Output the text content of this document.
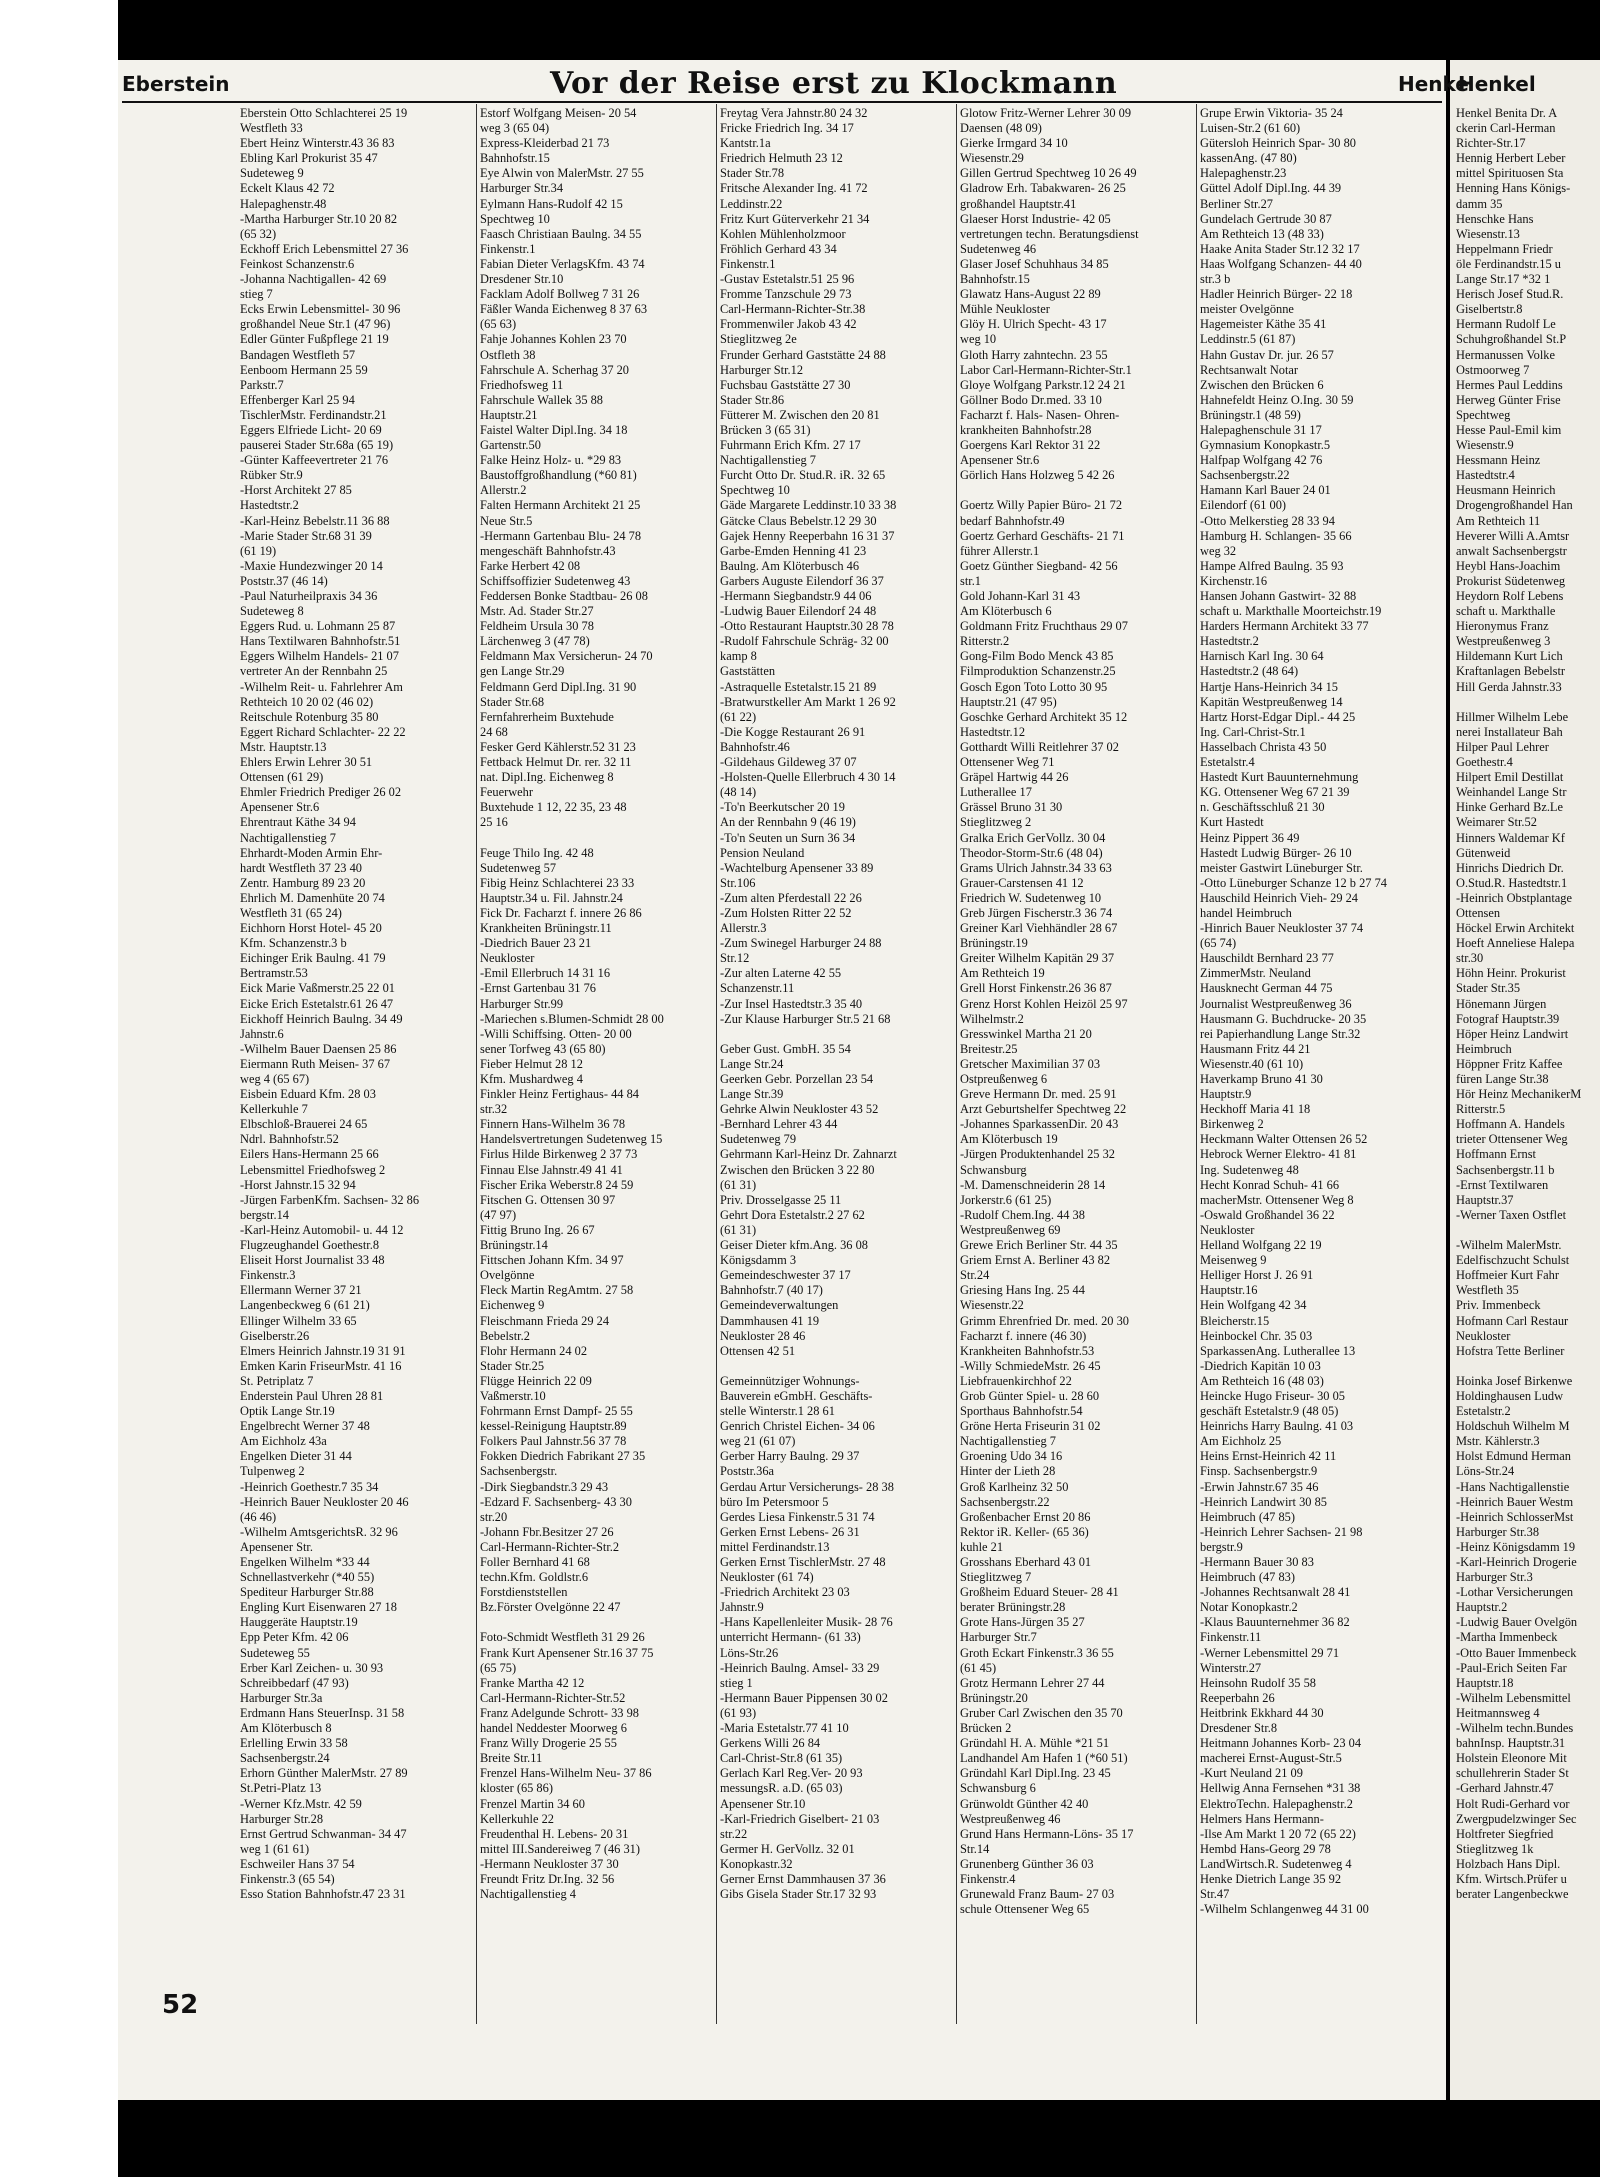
Eberstein	Vor der Reise erst zu Klockmann	Henke
Henkel
Eberstein Otto Schlachterei 25 19
Westfleth 33
Ebert Heinz Winterstr.43 36 83
Ebling Karl Prokurist 35 47
Sudeteweg 9
Eckelt Klaus 42 72
Halepaghenstr.48
-Martha Harburger Str.10 20 82
(65 32)
Eckhoff Erich Lebensmittel 27 36
Feinkost Schanzenstr.6
-Johanna Nachtigallen- 42 69
stieg 7
Ecks Erwin Lebensmittel- 30 96
großhandel Neue Str.1 (47 96)
Edler Günter Fußpflege 21 19
Bandagen Westfleth 57
Eenboom Hermann 25 59
Parkstr.7
Effenberger Karl 25 94
TischlerMstr. Ferdinandstr.21
Eggers Elfriede Licht- 20 69
pauserei Stader Str.68a (65 19)
-Günter Kaffeevertreter 21 76
Rübker Str.9
-Horst Architekt 27 85
Hastedtstr.2
-Karl-Heinz Bebelstr.11 36 88
-Marie Stader Str.68 31 39
(61 19)
-Maxie Hundezwinger 20 14
Poststr.37 (46 14)
-Paul Naturheilpraxis 34 36
Sudeteweg 8
Eggers Rud. u. Lohmann 25 87
Hans Textilwaren Bahnhofstr.51
Eggers Wilhelm Handels- 21 07
vertreter An der Rennbahn 25
-Wilhelm Reit- u. Fahrlehrer Am
Rethteich 10 20 02 (46 02)
Reitschule Rotenburg 35 80
Eggert Richard Schlachter- 22 22
Mstr. Hauptstr.13
Ehlers Erwin Lehrer 30 51
Ottensen (61 29)
Ehmler Friedrich Prediger 26 02
Apensener Str.6
Ehrentraut Käthe 34 94
Nachtigallenstieg 7
Ehrhardt-Moden Armin Ehr-
hardt Westfleth 37 23 40
Zentr. Hamburg 89 23 20
Ehrlich M. Damenhüte 20 74
Westfleth 31 (65 24)
Eichhorn Horst Hotel- 45 20
Kfm. Schanzenstr.3 b
Eichinger Erik Baulng. 41 79
Bertramstr.53
Eick Marie Vaßmerstr.25 22 01
Eicke Erich Estetalstr.61 26 47
Eickhoff Heinrich Baulng. 34 49
Jahnstr.6
-Wilhelm Bauer Daensen 25 86
Eiermann Ruth Meisen- 37 67
weg 4 (65 67)
Eisbein Eduard Kfm. 28 03
Kellerkuhle 7
Elbschloß-Brauerei 24 65
Ndrl. Bahnhofstr.52
Eilers Hans-Hermann 25 66
Lebensmittel Friedhofsweg 2
-Horst Jahnstr.15 32 94
-Jürgen FarbenKfm. Sachsen- 32 86
bergstr.14
-Karl-Heinz Automobil- u. 44 12
Flugzeughandel Goethestr.8
Eliseit Horst Journalist 33 48
Finkenstr.3
Ellermann Werner 37 21
Langenbeckweg 6 (61 21)
Ellinger Wilhelm 33 65
Giselberstr.26
Elmers Heinrich Jahnstr.19 31 91
Emken Karin FriseurMstr. 41 16
St. Petriplatz 7
Enderstein Paul Uhren 28 81
Optik Lange Str.19
Engelbrecht Werner 37 48
Am Eichholz 43a
Engelken Dieter 31 44
Tulpenweg 2
-Heinrich Goethestr.7 35 34
-Heinrich Bauer Neukloster 20 46
(46 46)
-Wilhelm AmtsgerichtsR. 32 96
Apensener Str.
Engelken Wilhelm *33 44
Schnellastverkehr (*40 55)
Spediteur Harburger Str.88
Engling Kurt Eisenwaren 27 18
Hauggeräte Hauptstr.19
Epp Peter Kfm. 42 06
Sudeteweg 55
Erber Karl Zeichen- u. 30 93
Schreibbedarf (47 93)
Harburger Str.3a
Erdmann Hans SteuerInsp. 31 58
Am Klöterbusch 8
Erlelling Erwin 33 58
Sachsenbergstr.24
Erhorn Günther MalerMstr. 27 89
St.Petri-Platz 13
-Werner Kfz.Mstr. 42 59
Harburger Str.28
Ernst Gertrud Schwanman- 34 47
weg 1 (61 61)
Eschweiler Hans 37 54
Finkenstr.3 (65 54)
Esso Station Bahnhofstr.47 23 31
Estorf Wolfgang Meisen- 20 54
weg 3 (65 04)
Express-Kleiderbad 21 73
Bahnhofstr.15
Eye Alwin von MalerMstr. 27 55
Harburger Str.34
Eylmann Hans-Rudolf 42 15
Spechtweg 10
Faasch Christiaan Baulng. 34 55
Finkenstr.1
Fabian Dieter VerlagsKfm. 43 74
Dresdener Str.10
Facklam Adolf Bollweg 7 31 26
Fäßler Wanda Eichenweg 8 37 63
(65 63)
Fahje Johannes Kohlen 23 70
Ostfleth 38
Fahrschule A. Scherhag 37 20
Friedhofsweg 11
Fahrschule Wallek 35 88
Hauptstr.21
Faistel Walter Dipl.Ing. 34 18
Gartenstr.50
Falke Heinz Holz- u. *29 83
Baustoffgroßhandlung (*60 81)
Allerstr.2
Falten Hermann Architekt 21 25
Neue Str.5
-Hermann Gartenbau Blu- 24 78
mengeschäft Bahnhofstr.43
Farke Herbert 42 08
Schiffsoffizier Sudetenweg 43
Feddersen Bonke Stadtbau- 26 08
Mstr. Ad. Stader Str.27
Feldheim Ursula 30 78
Lärchenweg 3 (47 78)
Feldmann Max Versicherun- 24 70
gen Lange Str.29
Feldmann Gerd Dipl.Ing. 31 90
Stader Str.68
Fernfahrerheim Buxtehude
24 68
Fesker Gerd Kählerstr.52 31 23
Fettback Helmut Dr. rer. 32 11
nat. Dipl.Ing. Eichenweg 8
Feuerwehr
Buxtehude 1 12, 22 35, 23 48
25 16

Feuge Thilo Ing. 42 48
Sudetenweg 57
Fibig Heinz Schlachterei 23 33
Hauptstr.34 u. Fil. Jahnstr.24
Fick Dr. Facharzt f. innere 26 86
Krankheiten Brüningstr.11
-Diedrich Bauer 23 21
Neukloster
-Emil Ellerbruch 14 31 16
-Ernst Gartenbau 31 76
Harburger Str.99
-Mariechen s.Blumen-Schmidt 28 00
-Willi Schiffsing. Otten- 20 00
sener Torfweg 43 (65 80)
Fieber Helmut 28 12
Kfm. Mushardweg 4
Finkler Heinz Fertighaus- 44 84
str.32
Finnern Hans-Wilhelm 36 78
Handelsvertretungen Sudetenweg 15
Firlus Hilde Birkenweg 2 37 73
Finnau Else Jahnstr.49 41 41
Fischer Erika Weberstr.8 24 59
Fitschen G. Ottensen 30 97
(47 97)
Fittig Bruno Ing. 26 67
Brüningstr.14
Fittschen Johann Kfm. 34 97
Ovelgönne
Fleck Martin RegAmtm. 27 58
Eichenweg 9
Fleischmann Frieda 29 24
Bebelstr.2
Flohr Hermann 24 02
Stader Str.25
Flügge Heinrich 22 09
Vaßmerstr.10
Fohrmann Ernst Dampf- 25 55
kessel-Reinigung Hauptstr.89
Folkers Paul Jahnstr.56 37 78
Fokken Diedrich Fabrikant 27 35
Sachsenbergstr.
-Dirk Siegbandstr.3 29 43
-Edzard F. Sachsenberg- 43 30
str.20
-Johann Fbr.Besitzer 27 26
Carl-Hermann-Richter-Str.2
Foller Bernhard 41 68
techn.Kfm. Goldlstr.6
Forstdienststellen
Bz.Förster Ovelgönne 22 47

Foto-Schmidt Westfleth 31 29 26
Frank Kurt Apensener Str.16 37 75
(65 75)
Franke Martha 42 12
Carl-Hermann-Richter-Str.52
Franz Adelgunde Schrott- 33 98
handel Neddester Moorweg 6
Franz Willy Drogerie 25 55
Breite Str.11
Frenzel Hans-Wilhelm Neu- 37 86
kloster (65 86)
Frenzel Martin 34 60
Kellerkuhle 22
Freudenthal H. Lebens- 20 31
mittel III.Sandereiweg 7 (46 31)
-Hermann Neukloster 37 30
Freundt Fritz Dr.Ing. 32 56
Nachtigallenstieg 4
Freytag Vera Jahnstr.80 24 32
Fricke Friedrich Ing. 34 17
Kantstr.1a
Friedrich Helmuth 23 12
Stader Str.78
Fritsche Alexander Ing. 41 72
Leddinstr.22
Fritz Kurt Güterverkehr 21 34
Kohlen Mühlenholzmoor
Fröhlich Gerhard 43 34
Finkenstr.1
-Gustav Estetalstr.51 25 96
Fromme Tanzschule 29 73
Carl-Hermann-Richter-Str.38
Frommenwiler Jakob 43 42
Stieglitzweg 2e
Frunder Gerhard Gaststätte 24 88
Harburger Str.12
Fuchsbau Gaststätte 27 30
Stader Str.86
Fütterer M. Zwischen den 20 81
Brücken 3 (65 31)
Fuhrmann Erich Kfm. 27 17
Nachtigallenstieg 7
Furcht Otto Dr. Stud.R. iR. 32 65
Spechtweg 10
Gäde Margarete Leddinstr.10 33 38
Gätcke Claus Bebelstr.12 29 30
Gajek Henny Reeperbahn 16 31 37
Garbe-Emden Henning 41 23
Baulng. Am Klöterbusch 46
Garbers Auguste Eilendorf 36 37
-Hermann Siegbandstr.9 44 06
-Ludwig Bauer Eilendorf 24 48
-Otto Restaurant Hauptstr.30 28 78
-Rudolf Fahrschule Schräg- 32 00
kamp 8
Gaststätten
-Astraquelle Estetalstr.15 21 89
-Bratwurstkeller Am Markt 1 26 92
(61 22)
-Die Kogge Restaurant 26 91
Bahnhofstr.46
-Gildehaus Gildeweg 37 07
-Holsten-Quelle Ellerbruch 4 30 14
(48 14)
-To'n Beerkutscher 20 19
An der Rennbahn 9 (46 19)
-To'n Seuten un Surn 36 34
Pension Neuland
-Wachtelburg Apensener 33 89
Str.106
-Zum alten Pferdestall 22 26
-Zum Holsten Ritter 22 52
Allerstr.3
-Zum Swinegel Harburger 24 88
Str.12
-Zur alten Laterne 42 55
Schanzenstr.11
-Zur Insel Hastedtstr.3 35 40
-Zur Klause Harburger Str.5 21 68

Geber Gust. GmbH. 35 54
Lange Str.24
Geerken Gebr. Porzellan 23 54
Lange Str.39
Gehrke Alwin Neukloster 43 52
-Bernhard Lehrer 43 44
Sudetenweg 79
Gehrmann Karl-Heinz Dr. Zahnarzt
Zwischen den Brücken 3 22 80
(61 31)
Priv. Drosselgasse 25 11
Gehrt Dora Estetalstr.2 27 62
(61 31)
Geiser Dieter kfm.Ang. 36 08
Königsdamm 3
Gemeindeschwester 37 17
Bahnhofstr.7 (40 17)
Gemeindeverwaltungen
Dammhausen 41 19
Neukloster 28 46
Ottensen 42 51

Gemeinnütziger Wohnungs-
Bauverein eGmbH. Geschäfts-
stelle Winterstr.1 28 61
Genrich Christel Eichen- 34 06
weg 21 (61 07)
Gerber Harry Baulng. 29 37
Poststr.36a
Gerdau Artur Versicherungs- 28 38
büro Im Petersmoor 5
Gerdes Liesa Finkenstr.5 31 74
Gerken Ernst Lebens- 26 31
mittel Ferdinandstr.13
Gerken Ernst TischlerMstr. 27 48
Neukloster (61 74)
-Friedrich Architekt 23 03
Jahnstr.9
-Hans Kapellenleiter Musik- 28 76
unterricht Hermann- (61 33)
Löns-Str.26
-Heinrich Baulng. Amsel- 33 29
stieg 1
-Hermann Bauer Pippensen 30 02
(61 93)
-Maria Estetalstr.77 41 10
Gerkens Willi 26 84
Carl-Christ-Str.8 (61 35)
Gerlach Karl Reg.Ver- 20 93
messungsR. a.D. (65 03)
Apensener Str.10
-Karl-Friedrich Giselbert- 21 03
str.22
Germer H. GerVollz. 32 01
Konopkastr.32
Gerner Ernst Dammhausen 37 36
Gibs Gisela Stader Str.17 32 93
Glotow Fritz-Werner Lehrer 30 09
Daensen (48 09)
Gierke Irmgard 34 10
Wiesenstr.29
Gillen Gertrud Spechtweg 10 26 49
Gladrow Erh. Tabakwaren- 26 25
großhandel Hauptstr.41
Glaeser Horst Industrie- 42 05
vertretungen techn. Beratungsdienst
Sudetenweg 46
Glaser Josef Schuhhaus 34 85
Bahnhofstr.15
Glawatz Hans-August 22 89
Mühle Neukloster
Glöy H. Ulrich Specht- 43 17
weg 10
Gloth Harry zahntechn. 23 55
Labor Carl-Hermann-Richter-Str.1
Gloye Wolfgang Parkstr.12 24 21
Göllner Bodo Dr.med. 33 10
Facharzt f. Hals- Nasen- Ohren-
krankheiten Bahnhofstr.28
Goergens Karl Rektor 31 22
Apensener Str.6
Görlich Hans Holzweg 5 42 26

Goertz Willy Papier Büro- 21 72
bedarf Bahnhofstr.49
Goertz Gerhard Geschäfts- 21 71
führer Allerstr.1
Goetz Günther Siegband- 42 56
str.1
Gold Johann-Karl 31 43
Am Klöterbusch 6
Goldmann Fritz Fruchthaus 29 07
Ritterstr.2
Gong-Film Bodo Menck 43 85
Filmproduktion Schanzenstr.25
Gosch Egon Toto Lotto 30 95
Hauptstr.21 (47 95)
Goschke Gerhard Architekt 35 12
Hastedtstr.12
Gotthardt Willi Reitlehrer 37 02
Ottensener Weg 71
Gräpel Hartwig 44 26
Lutherallee 17
Grässel Bruno 31 30
Stieglitzweg 2
Gralka Erich GerVollz. 30 04
Theodor-Storm-Str.6 (48 04)
Grams Ulrich Jahnstr.34 33 63
Grauer-Carstensen 41 12
Friedrich W. Sudetenweg 10
Greb Jürgen Fischerstr.3 36 74
Greiner Karl Viehhändler 28 67
Brüningstr.19
Greiter Wilhelm Kapitän 29 37
Am Rethteich 19
Grell Horst Finkenstr.26 36 87
Grenz Horst Kohlen Heizöl 25 97
Wilhelmstr.2
Gresswinkel Martha 21 20
Breitestr.25
Gretscher Maximilian 37 03
Ostpreußenweg 6
Greve Hermann Dr. med. 25 91
Arzt Geburtshelfer Spechtweg 22
-Johannes SparkassenDir. 20 43
Am Klöterbusch 19
-Jürgen Produktenhandel 25 32
Schwansburg
-M. Damenschneiderin 28 14
Jorkerstr.6 (61 25)
-Rudolf Chem.Ing. 44 38
Westpreußenweg 69
Grewe Erich Berliner Str. 44 35
Griem Ernst A. Berliner 43 82
Str.24
Griesing Hans Ing. 25 44
Wiesenstr.22
Grimm Ehrenfried Dr. med. 20 30
Facharzt f. innere (46 30)
Krankheiten Bahnhofstr.53
-Willy SchmiedeMstr. 26 45
Liebfrauenkirchhof 22
Grob Günter Spiel- u. 28 60
Sporthaus Bahnhofstr.54
Gröne Herta Friseurin 31 02
Nachtigallenstieg 7
Groening Udo 34 16
Hinter der Lieth 28
Groß Karlheinz 32 50
Sachsenbergstr.22
Großenbacher Ernst 20 86
Rektor iR. Keller- (65 36)
kuhle 21
Grosshans Eberhard 43 01
Stieglitzweg 7
Großheim Eduard Steuer- 28 41
berater Brüningstr.28
Grote Hans-Jürgen 35 27
Harburger Str.7
Groth Eckart Finkenstr.3 36 55
(61 45)
Grotz Hermann Lehrer 27 44
Brüningstr.20
Gruber Carl Zwischen den 35 70
Brücken 2
Gründahl H. A. Mühle *21 51
Landhandel Am Hafen 1 (*60 51)
Gründahl Karl Dipl.Ing. 23 45
Schwansburg 6
Grünwoldt Günther 42 40
Westpreußenweg 46
Grund Hans Hermann-Löns- 35 17
Str.14
Grunenberg Günther 36 03
Finkenstr.4
Grunewald Franz Baum- 27 03
schule Ottensener Weg 65
Grupe Erwin Viktoria- 35 24
Luisen-Str.2 (61 60)
Gütersloh Heinrich Spar- 30 80
kassenAng. (47 80)
Halepaghenstr.23
Güttel Adolf Dipl.Ing. 44 39
Berliner Str.27
Gundelach Gertrude 30 87
Am Rethteich 13 (48 33)
Haake Anita Stader Str.12 32 17
Haas Wolfgang Schanzen- 44 40
str.3 b
Hadler Heinrich Bürger- 22 18
meister Ovelgönne
Hagemeister Käthe 35 41
Leddinstr.5 (61 87)
Hahn Gustav Dr. jur. 26 57
Rechtsanwalt Notar
Zwischen den Brücken 6
Hahnefeldt Heinz O.Ing. 30 59
Brüningstr.1 (48 59)
Halepaghenschule 31 17
Gymnasium Konopkastr.5
Halfpap Wolfgang 42 76
Sachsenbergstr.22
Hamann Karl Bauer 24 01
Eilendorf (61 00)
-Otto Melkerstieg 28 33 94
Hamburg H. Schlangen- 35 66
weg 32
Hampe Alfred Baulng. 35 93
Kirchenstr.16
Hansen Johann Gastwirt- 32 88
schaft u. Markthalle Moorteichstr.19
Harders Hermann Architekt 33 77
Hastedtstr.2
Harnisch Karl Ing. 30 64
Hastedtstr.2 (48 64)
Hartje Hans-Heinrich 34 15
Kapitän Westpreußenweg 14
Hartz Horst-Edgar Dipl.- 44 25
Ing. Carl-Christ-Str.1
Hasselbach Christa 43 50
Estetalstr.4
Hastedt Kurt Bauunternehmung
KG. Ottensener Weg 67 21 39
n. Geschäftsschluß 21 30
Kurt Hastedt
Heinz Pippert 36 49
Hastedt Ludwig Bürger- 26 10
meister Gastwirt Lüneburger Str.
-Otto Lüneburger Schanze 12 b 27 74
Hauschild Heinrich Vieh- 29 24
handel Heimbruch
-Hinrich Bauer Neukloster 37 74
(65 74)
Hauschildt Bernhard 23 77
ZimmerMstr. Neuland
Hausknecht German 44 75
Journalist Westpreußenweg 36
Hausmann G. Buchdrucke- 20 35
rei Papierhandlung Lange Str.32
Hausmann Fritz 44 21
Wiesenstr.40 (61 10)
Haverkamp Bruno 41 30
Hauptstr.9
Heckhoff Maria 41 18
Birkenweg 2
Heckmann Walter Ottensen 26 52
Hebrock Werner Elektro- 41 81
Ing. Sudetenweg 48
Hecht Konrad Schuh- 41 66
macherMstr. Ottensener Weg 8
-Oswald Großhandel 36 22
Neukloster
Helland Wolfgang 22 19
Meisenweg 9
Helliger Horst J. 26 91
Hauptstr.16
Hein Wolfgang 42 34
Bleicherstr.15
Heinbockel Chr. 35 03
SparkassenAng. Lutherallee 13
-Diedrich Kapitän 10 03
Am Rethteich 16 (48 03)
Heincke Hugo Friseur- 30 05
geschäft Estetalstr.9 (48 05)
Heinrichs Harry Baulng. 41 03
Am Eichholz 25
Heins Ernst-Heinrich 42 11
Finsp. Sachsenbergstr.9
-Erwin Jahnstr.67 35 46
-Heinrich Landwirt 30 85
Heimbruch (47 85)
-Heinrich Lehrer Sachsen- 21 98
bergstr.9
-Hermann Bauer 30 83
Heimbruch (47 83)
-Johannes Rechtsanwalt 28 41
Notar Konopkastr.2
-Klaus Bauunternehmer 36 82
Finkenstr.11
-Werner Lebensmittel 29 71
Winterstr.27
Heinsohn Rudolf 35 58
Reeperbahn 26
Heitbrink Ekkhard 44 30
Dresdener Str.8
Heitmann Johannes Korb- 23 04
macherei Ernst-August-Str.5
-Kurt Neuland 21 09
Hellwig Anna Fernsehen *31 38
ElektroTechn. Halepaghenstr.2
Helmers Hans Hermann-
-Ilse Am Markt 1 20 72 (65 22)
Hembd Hans-Georg 29 78
LandWirtsch.R. Sudetenweg 4
Henke Dietrich Lange 35 92
Str.47
-Wilhelm Schlangenweg 44 31 00
Henkel Benita Dr. A
ckerin Carl-Herman
Richter-Str.17
Hennig Herbert Leber
mittel Spirituosen Sta
Henning Hans Königs-
damm 35
Henschke Hans
Wiesenstr.13
Heppelmann Friedr
öle Ferdinandstr.15 u
Lange Str.17 *32 1
Herisch Josef Stud.R.
Giselbertstr.8
Hermann Rudolf Le
Schuhgroßhandel St.P
Hermanussen Volke
Ostmoorweg 7
Hermes Paul Leddins
Herweg Günter Frise
Spechtweg
Hesse Paul-Emil kim
Wiesenstr.9
Hessmann Heinz
Hastedtstr.4
Heusmann Heinrich
Drogengroßhandel Han
Am Rethteich 11
Heverer Willi A.Amtsr
anwalt Sachsenbergstr
Heybl Hans-Joachim
Prokurist Südetenweg
Heydorn Rolf Lebens
schaft u. Markthalle
Hieronymus Franz
Westpreußenweg 3
Hildemann Kurt Lich
Kraftanlagen Bebelstr
Hill Gerda Jahnstr.33

Hillmer Wilhelm Lebe
nerei Installateur Bah
Hilper Paul Lehrer
Goethestr.4
Hilpert Emil Destillat
Weinhandel Lange Str
Hinke Gerhard Bz.Le
Weimarer Str.52
Hinners Waldemar Kf
Gütenweid
Hinrichs Diedrich Dr.
O.Stud.R. Hastedtstr.1
-Heinrich Obstplantage
Ottensen
Höckel Erwin Architekt
Hoeft Anneliese Halepa
str.30
Höhn Heinr. Prokurist
Stader Str.35
Hönemann Jürgen
Fotograf Hauptstr.39
Höper Heinz Landwirt
Heimbruch
Höppner Fritz Kaffee
füren Lange Str.38
Hör Heinz MechanikerM
Ritterstr.5
Hoffmann A. Handels
trieter Ottensener Weg
Hoffmann Ernst
Sachsenbergstr.11 b
-Ernst Textilwaren
Hauptstr.37
-Werner Taxen Ostflet

-Wilhelm MalerMstr.
Edelfischzucht Schulst
Hoffmeier Kurt Fahr
Westfleth 35
Priv. Immenbeck
Hofmann Carl Restaur
Neukloster
Hofstra Tette Berliner

Hoinka Josef Birkenwe
Holdinghausen Ludw
Estetalstr.2
Holdschuh Wilhelm M
Mstr. Kählerstr.3
Holst Edmund Herman
Löns-Str.24
-Hans Nachtigallenstie
-Heinrich Bauer Westm
-Heinrich SchlosserMst
Harburger Str.38
-Heinz Königsdamm 19
-Karl-Heinrich Drogerie
Harburger Str.3
-Lothar Versicherungen
Hauptstr.2
-Ludwig Bauer Ovelgön
-Martha Immenbeck
-Otto Bauer Immenbeck
-Paul-Erich Seiten Far
Hauptstr.18
-Wilhelm Lebensmittel
Heitmannsweg 4
-Wilhelm techn.Bundes
bahnInsp. Hauptstr.31
Holstein Eleonore Mit
schullehrerin Stader St
-Gerhard Jahnstr.47
Holt Rudi-Gerhard vor
Zwergpudelzwinger Sec
Holtfreter Siegfried
Stieglitzweg 1k
Holzbach Hans Dipl.
Kfm. Wirtsch.Prüfer u
berater Langenbeckwe
52
